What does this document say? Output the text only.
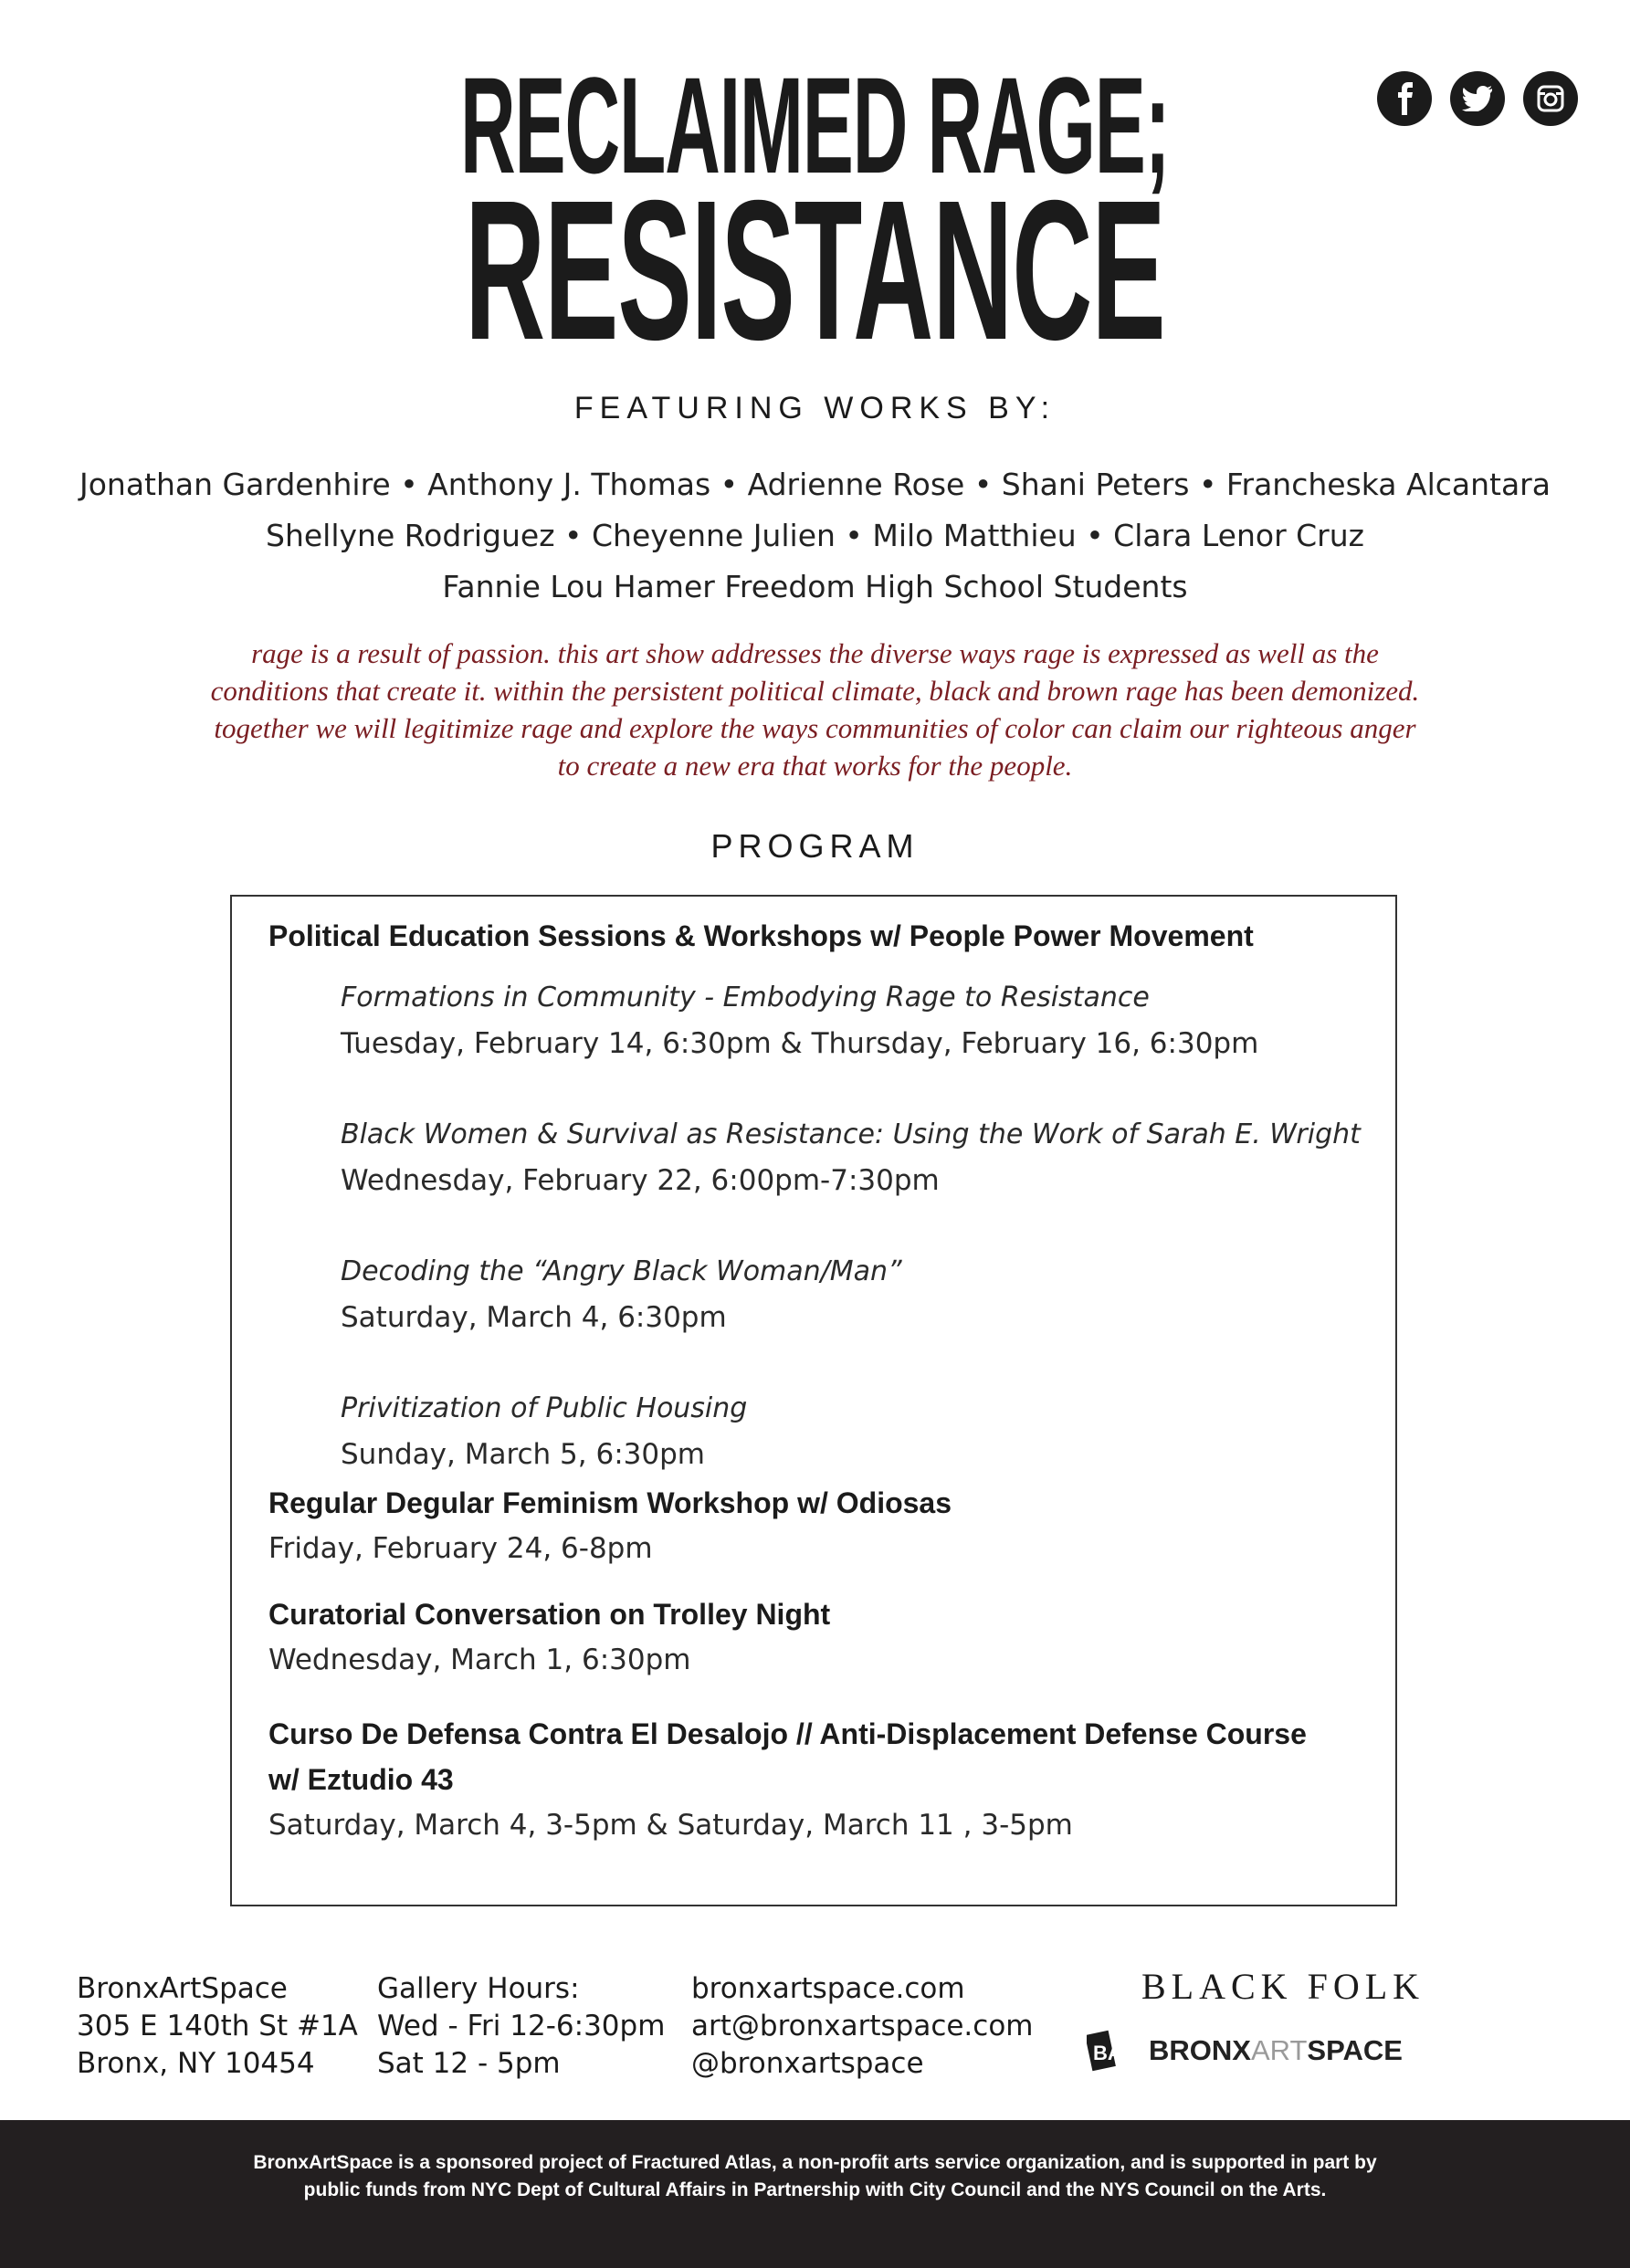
RECLAIMED RAGE;
RESISTANCE
FEATURING WORKS BY:
Jonathan Gardenhire • Anthony J. Thomas • Adrienne Rose • Shani Peters • Francheska Alcantara
Shellyne Rodriguez • Cheyenne Julien • Milo Matthieu • Clara Lenor Cruz
Fannie Lou Hamer Freedom High School Students
rage is a result of passion. this art show addresses the diverse ways rage is expressed as well as the conditions that create it. within the persistent political climate, black and brown rage has been demonized. together we will legitimize rage and explore the ways communities of color can claim our righteous anger to create a new era that works for the people.
PROGRAM
Political Education Sessions & Workshops w/ People Power Movement
Formations in Community - Embodying Rage to Resistance
Tuesday, February 14, 6:30pm & Thursday, February 16, 6:30pm
Black Women & Survival as Resistance: Using the Work of Sarah E. Wright
Wednesday, February 22, 6:00pm-7:30pm
Decoding the “Angry Black Woman/Man”
Saturday, March 4, 6:30pm
Privitization of Public Housing
Sunday, March 5, 6:30pm
Regular Degular Feminism Workshop w/ Odiosas
Friday, February 24, 6-8pm
Curatorial Conversation on Trolley Night
Wednesday, March 1, 6:30pm
Curso De Defensa Contra El Desalojo // Anti-Displacement Defense Course
w/ Eztudio 43
Saturday, March 4, 3-5pm & Saturday, March 11 , 3-5pm
BronxArtSpace
305 E 140th St #1A
Bronx, NY 10454
Gallery Hours:
Wed - Fri 12-6:30pm
Sat 12 - 5pm
bronxartspace.com
art@bronxartspace.com
@bronxartspace
BLACK FOLK
BAS BRONXARTSPACE
BronxArtSpace is a sponsored project of Fractured Atlas, a non-profit arts service organization, and is supported in part by
public funds from NYC Dept of Cultural Affairs in Partnership with City Council and the NYS Council on the Arts.
